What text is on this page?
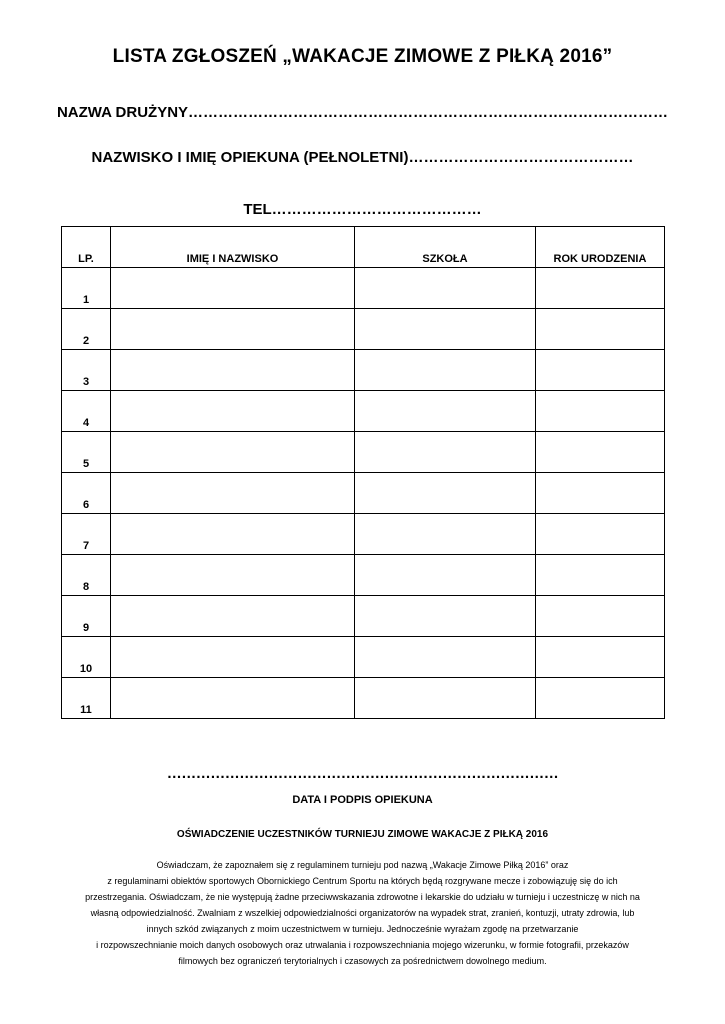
LISTA ZGŁOSZEŃ „WAKACJE ZIMOWE Z PIŁKĄ 2016”
NAZWA DRUŻYNY……………………………………………………………………………………
NAZWISKO I IMIĘ OPIEKUNA (PEŁNOLETNI)………………………………………
TEL……………………………………
LP.	IMIĘ I NAZWISKO	SZKOŁA	ROK URODZENIA
1			
2			
3			
4			
5			
6			
7			
8			
9			
10			
11			
………………………………………………………………………
DATA I PODPIS OPIEKUNA
OŚWIADCZENIE UCZESTNIKÓW TURNIEJU ZIMOWE WAKACJE Z PIŁKĄ 2016
Oświadczam, że zapoznałem się z regulaminem turnieju pod nazwą „Wakacje Zimowe Piłką 2016” oraz
z regulaminami obiektów sportowych Obornickiego Centrum Sportu na których będą rozgrywane mecze i zobowiązuję się do ich
przestrzegania. Oświadczam, że nie występują żadne przeciwwskazania zdrowotne i lekarskie do udziału w turnieju i uczestniczę w nich na
własną odpowiedzialność. Zwalniam z wszelkiej odpowiedzialności organizatorów na wypadek strat, zranień, kontuzji, utraty zdrowia, lub
innych szkód związanych z moim uczestnictwem w turnieju. Jednocześnie wyrażam zgodę na przetwarzanie
i rozpowszechnianie moich danych osobowych oraz utrwalania i rozpowszechniania mojego wizerunku, w formie fotografii, przekazów
filmowych bez ograniczeń terytorialnych i czasowych za pośrednictwem dowolnego medium.
